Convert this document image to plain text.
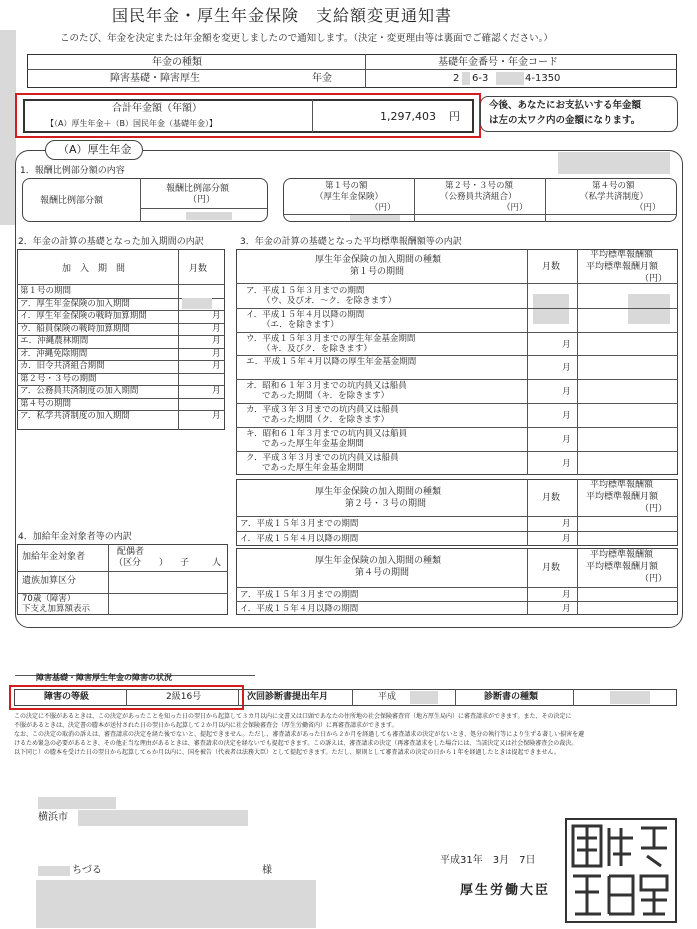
国民年金・厚生年金保険　支給額変更通知書
このたび、年金を決定または年金額を変更しましたので通知します。（決定・変更理由等は裏面でご確認ください。）
年金の種類	基礎年金番号・年金コード
障害基礎・障害厚生	年金	2 6-3	4-1350
合計年金額（年額）
【（A）厚生年金＋（B）国民年金（基礎年金）】
1,297,403 円
今後、あなたにお支払いする年金額
は左の太ワク内の金額になります。
（A）厚生年金
1．報酬比例部分額の内容
報酬比例部分額
報酬比例部分額
（円）
第１号の額
（厚生年金保険）
（円）
第２号・３号の額
（公務員共済組合）
（円）
第４号の額
（私学共済制度）
（円）
2．年金の計算の基礎となった加入期間の内訳
加　入　期　間	月数
第１号の期間
ア．厚生年金保険の加入期間
イ．厚生年金保険の戦時加算期間	月
ウ．船員保険の戦時加算期間	月
エ．沖縄農林期間	月
オ．沖縄免除期間	月
カ．旧令共済組合期間	月
第２号・３号の期間
ア．公務員共済制度の加入期間	月
第４号の期間
ア．私学共済制度の加入期間	月
3．年金の計算の基礎となった平均標準報酬額等の内訳
厚生年金保険の加入期間の種類
第１号の期間	月数
平均標準報酬額
平均標準報酬月額
（円）
ア．平成１５年３月までの期間
（ウ、及びオ．～ク．を除きます）
イ．平成１５年４月以降の期間
（エ．を除きます）
ウ．平成１５年３月までの厚生年金基金期間
（キ．及びク．を除きます）	月
エ．平成１５年４月以降の厚生年金基金期間
月
オ．昭和６１年３月までの坑内員又は船員
であった期間（キ．を除きます）	月
カ．平成３年３月までの坑内員又は船員
であった期間（ク．を除きます）	月
キ．昭和６１年３月までの坑内員又は船員
であった厚生年金基金期間	月
ク．平成３年３月までの坑内員又は船員
であった厚生年金基金期間	月
厚生年金保険の加入期間の種類
第２号・３号の期間
月数
平均標準報酬額
平均標準報酬月額
（円）
ア．平成１５年３月までの期間	月
イ．平成１５年４月以降の期間	月
厚生年金保険の加入期間の種類
第４号の期間	月数
平均標準報酬額
平均標準報酬月額
（円）
ア．平成１５年３月までの期間	月
イ．平成１５年４月以降の期間	月
4．加給年金対象者等の内訳
加給年金対象者	配偶者
（区分　　） 子	人
遺族加算区分
70歳（障害）
下支え加算額表示
障害基礎・障害厚生年金の障害の状況
障害の等級	2級16号	次回診断書提出年月	平成	診断書の種類
この決定に不服があるときは、この決定があったことを知った日の翌日から起算して３カ月以内に文書又は口頭であなたの住所地の社会保険審査官（地方厚生局内）に審査請求ができます。また、その決定に
不服があるときは、決定書の謄本が送付された日の翌日から起算して２か月以内に社会保険審査会（厚生労働省内）に再審査請求ができます。
なお、この決定の取消の訴えは、審査請求の決定を経た後でないと、提起できません。ただし、審査請求があった日から２か月を経過しても審査請求の決定がないとき、処分の執行等により生ずる著しい損害を避
けるため緊急の必要があるとき、その他正当な理由があるときは、審査請求の決定を経ないでも提起できます。この訴えは、審査請求の決定（再審査請求をした場合には、当該決定又は社会保険審査会の裁決。
以下同じ）の謄本を受けた日の翌日から起算して６か月以内に、国を被告（代表者は法務大臣）として提起できます。ただし、原則として審査請求の決定の日から１年を経過したときは提起できません。
横浜市
ちづる	様
平成31年　3月　7日
厚生労働大臣
